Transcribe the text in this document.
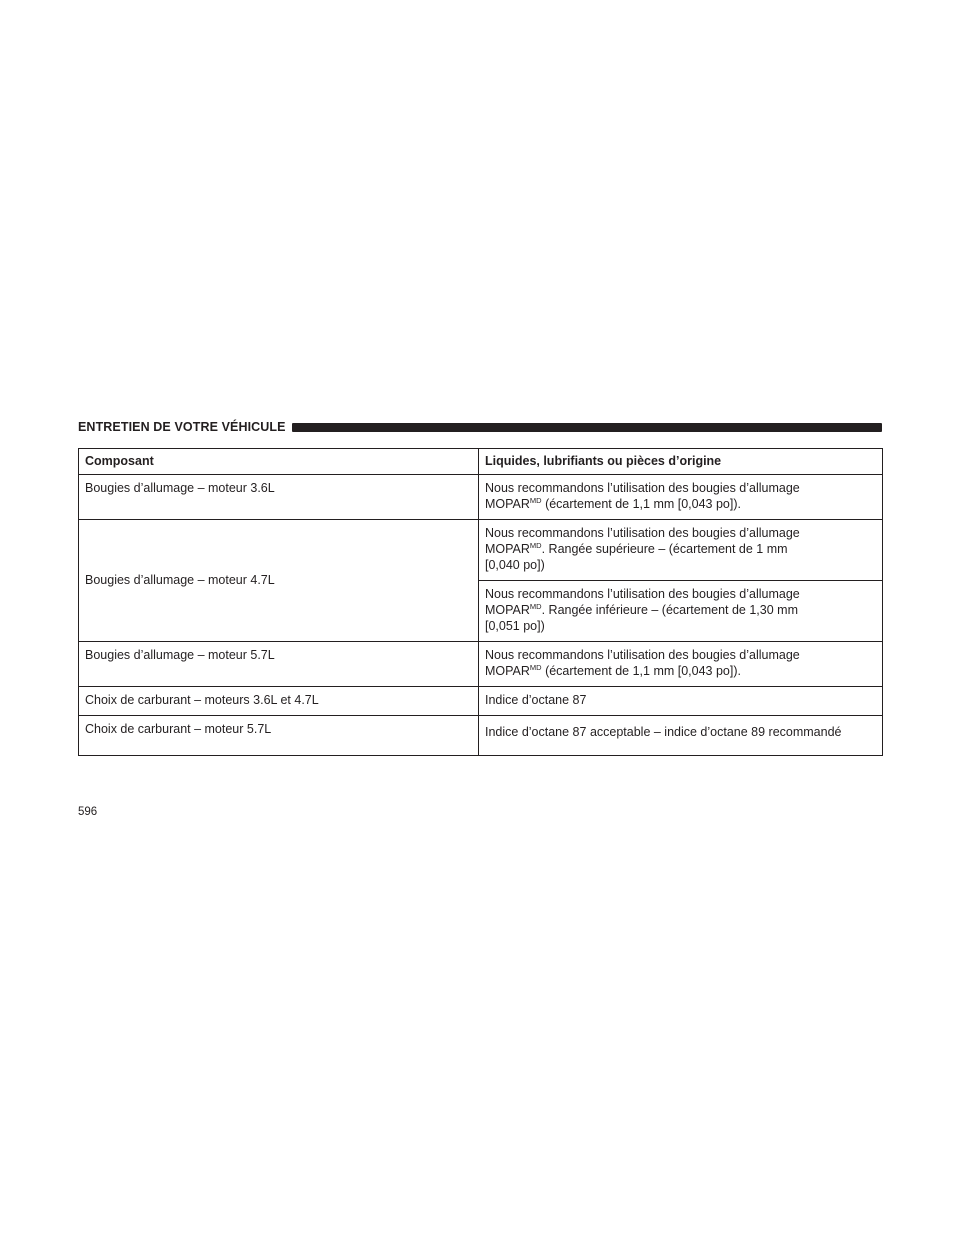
ENTRETIEN DE VOTRE VÉHICULE
Composant	Liquides, lubrifiants ou pièces d’origine
Bougies d’allumage – moteur 3.6L	Nous recommandons l’utilisation des bougies d’allumage
$MOPAR^{MD}$ (écartement de 1,1 mm [0,043 po]).
Bougies d’allumage – moteur 4.7L	Nous recommandons l’utilisation des bougies d’allumage
$MOPAR^{MD}$. Rangée supérieure – (écartement de 1 mm
[0,040 po])

	Nous recommandons l’utilisation des bougies d’allumage
$MOPAR^{MD}$. Rangée inférieure – (écartement de 1,30 mm
[0,051 po])

Bougies d’allumage – moteur 5.7L	Nous recommandons l’utilisation des bougies d’allumage
$MOPAR^{MD}$ (écartement de 1,1 mm [0,043 po]).
Choix de carburant – moteurs 3.6L et 4.7L	Indice d’octane 87
Choix de carburant – moteur 5.7L	Indice d’octane 87 acceptable – indice d’octane 89 recommandé
596
